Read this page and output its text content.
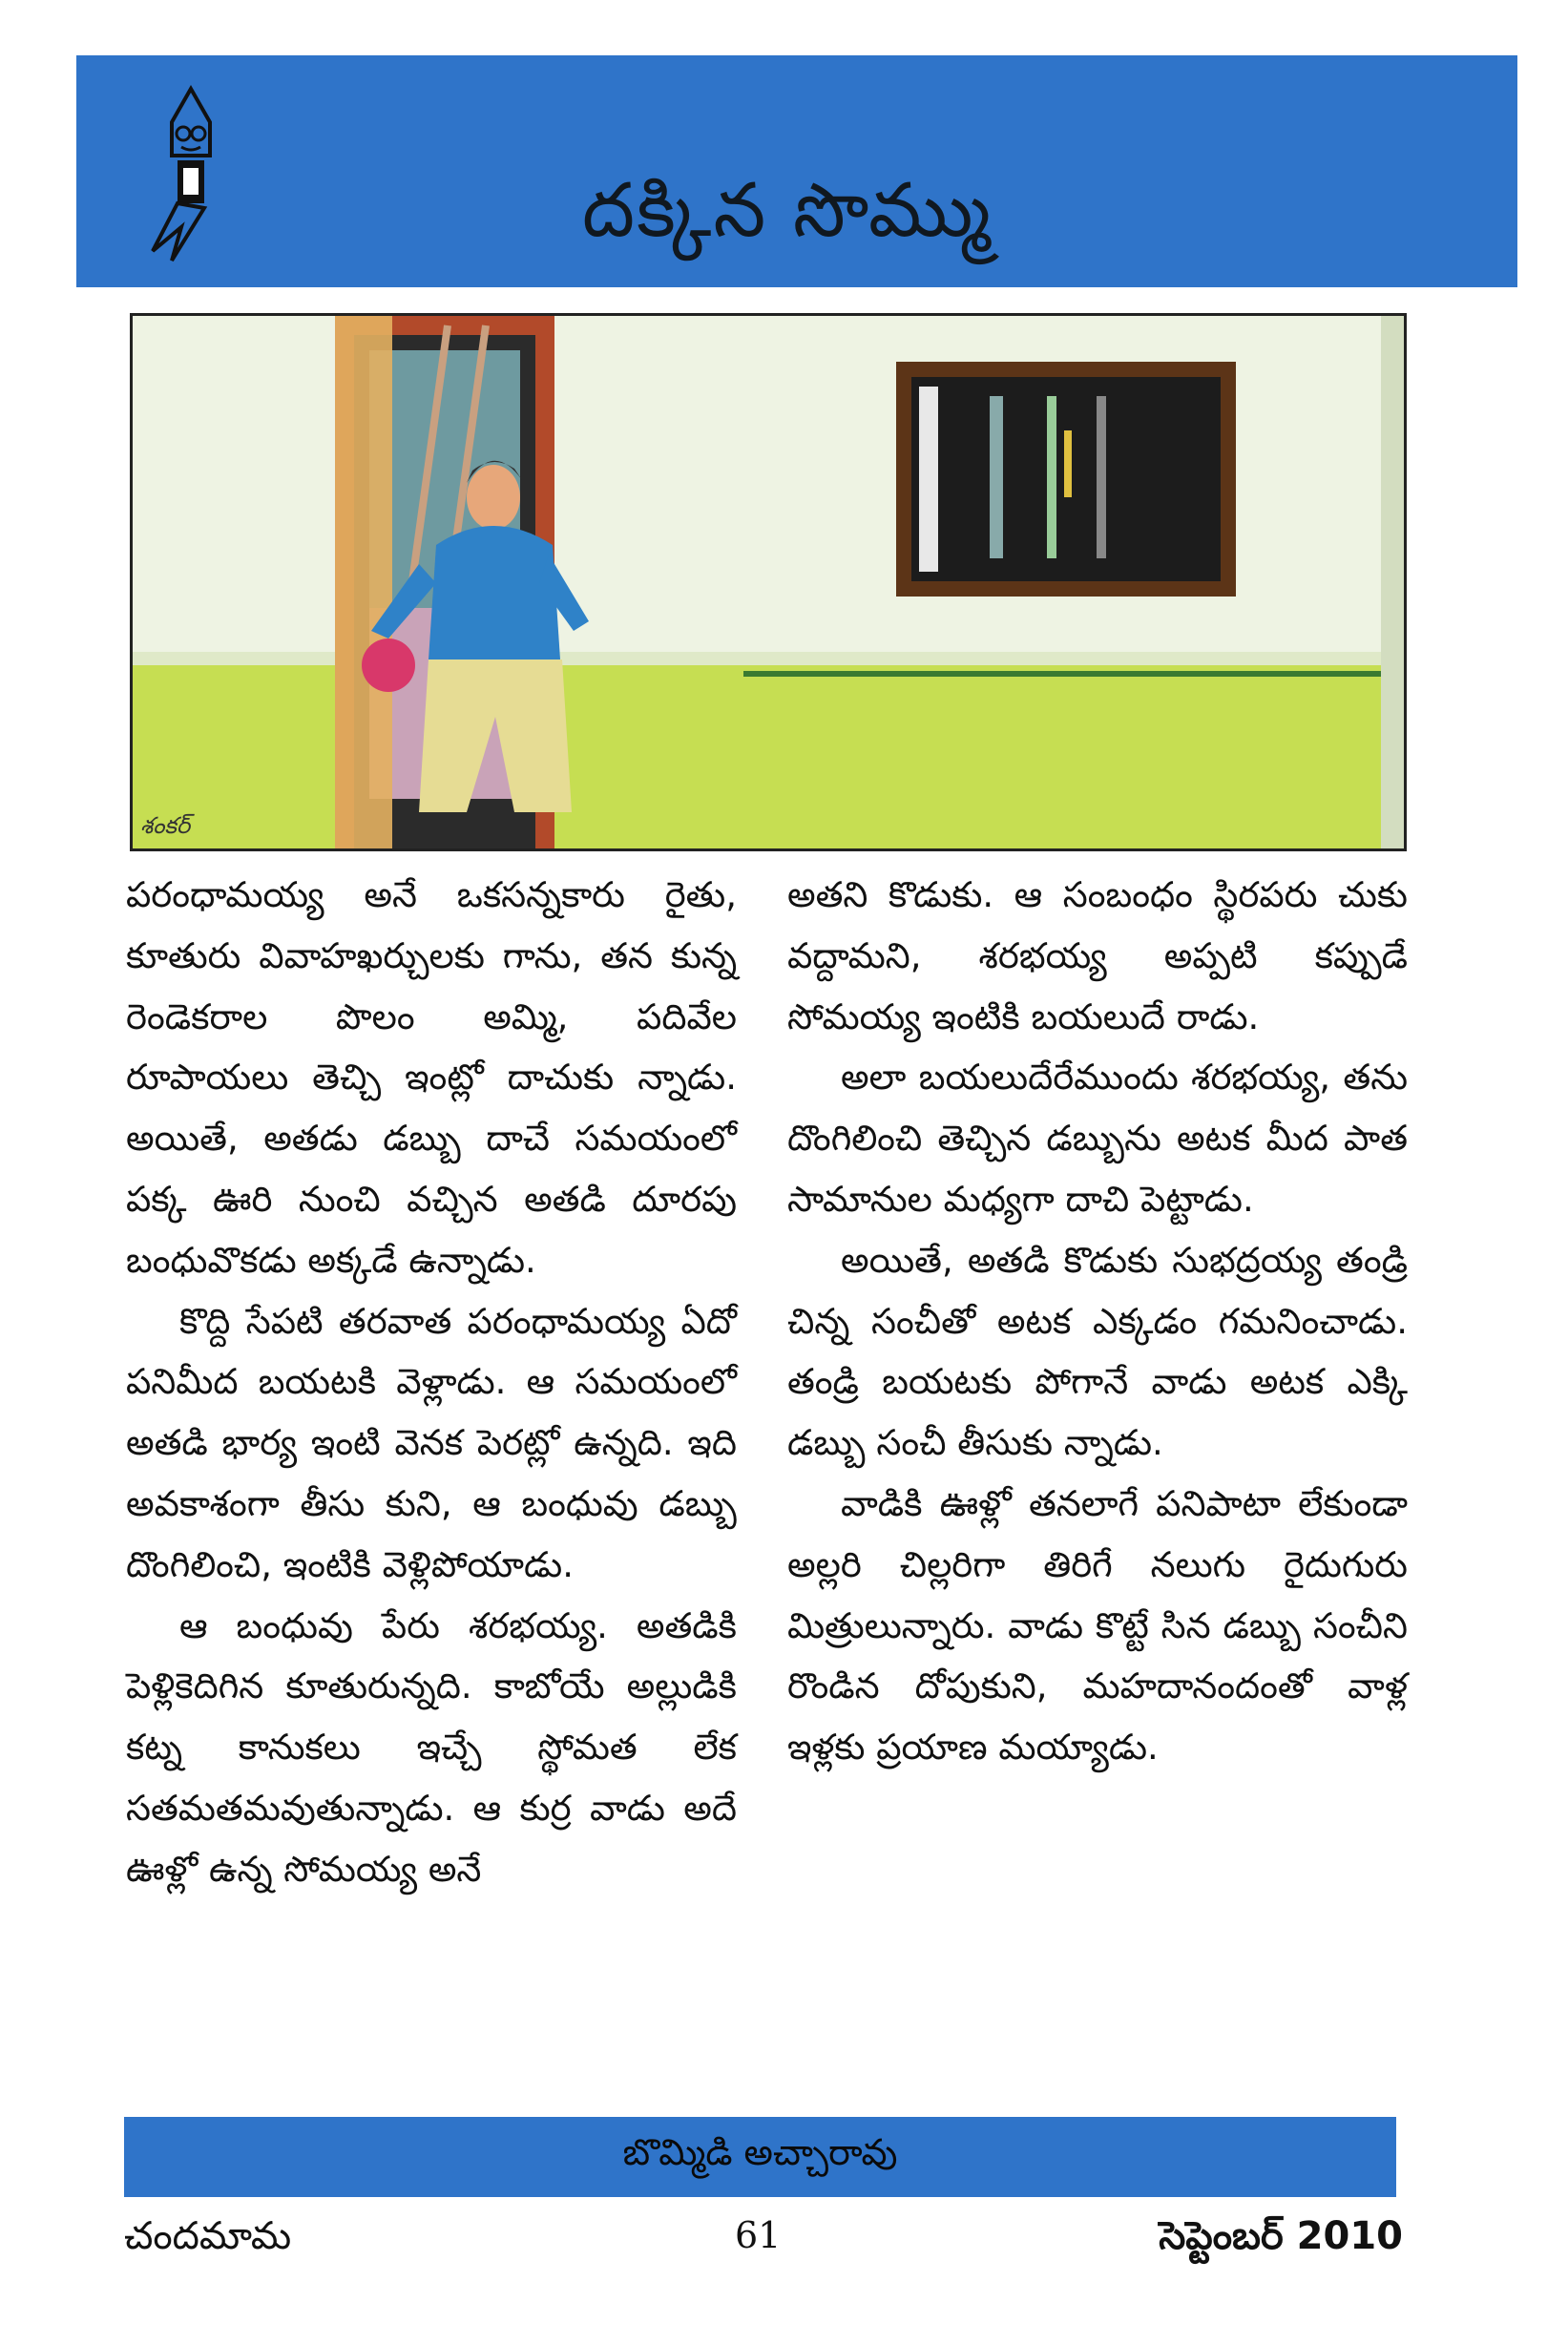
దక్కిన సొమ్ము
శంకర్

పరంధామయ్య అనే ఒకసన్నకారు రైతు, కూతురు వివాహఖర్చులకు గాను, తన కున్న రెండెకరాల పొలం అమ్మి, పదివేల రూపాయలు తెచ్చి ఇంట్లో దాచుకు న్నాడు. అయితే, అతడు డబ్బు దాచే సమయంలో పక్క ఊరి నుంచి వచ్చిన అతడి దూరపు బంధువొకడు అక్కడే ఉన్నాడు.

కొద్ది సేపటి తరవాత పరంధామయ్య ఏదో పనిమీద బయటకి వెళ్లాడు. ఆ సమయంలో అతడి భార్య ఇంటి వెనక పెరట్లో ఉన్నది. ఇది అవకాశంగా తీసు కుని, ఆ బంధువు డబ్బు దొంగిలించి, ఇంటికి వెళ్లిపోయాడు.

ఆ బంధువు పేరు శరభయ్య. అతడికి పెళ్లికెదిగిన కూతురున్నది. కాబోయే అల్లుడికి కట్న కానుకలు ఇచ్చే స్థోమత లేక సతమతమవుతున్నాడు. ఆ కుర్ర వాడు అదే ఊళ్లో ఉన్న సోమయ్య అనే

అతని కొడుకు. ఆ సంబంధం స్థిరపరు చుకు వద్దామని, శరభయ్య అప్పటి కప్పుడే సోమయ్య ఇంటికి బయలుదే రాడు.

అలా బయలుదేరేముందు శరభయ్య, తను దొంగిలించి తెచ్చిన డబ్బును అటక మీద పాత సామానుల మధ్యగా దాచి పెట్టాడు.

అయితే, అతడి కొడుకు సుభద్రయ్య తండ్రి చిన్న సంచీతో అటక ఎక్కడం గమనించాడు. తండ్రి బయటకు పోగానే వాడు అటక ఎక్కి డబ్బు సంచీ తీసుకు న్నాడు.

వాడికి ఊళ్లో తనలాగే పనిపాటా లేకుండా అల్లరి చిల్లరిగా తిరిగే నలుగు రైదుగురు మిత్రులున్నారు. వాడు కొట్టే సిన డబ్బు సంచీని రొండిన దోపుకుని, మహదానందంతో వాళ్ల ఇళ్లకు ప్రయాణ మయ్యాడు.

బొమ్మిడి అచ్చారావు
చందమామ	61	సెప్టెంబర్ 2010
